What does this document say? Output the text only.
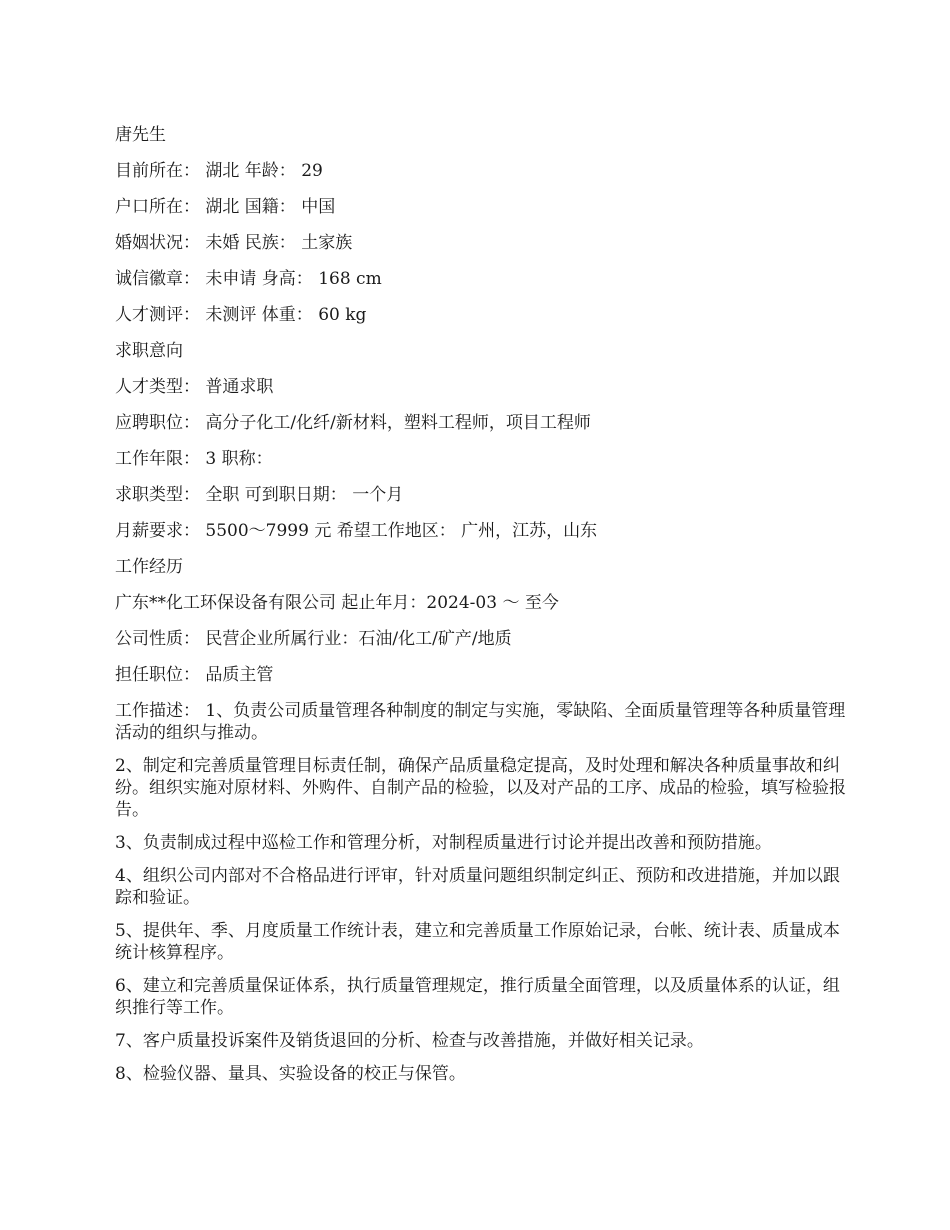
唐先生
目前所在： 湖北 年龄： 29
户口所在： 湖北 国籍： 中国
婚姻状况： 未婚 民族： 土家族
诚信徽章： 未申请 身高： 168 cm
人才测评： 未测评 体重： 60 kg
求职意向
人才类型： 普通求职
应聘职位： 高分子化工/化纤/新材料，塑料工程师，项目工程师
工作年限： 3 职称：
求职类型： 全职 可到职日期： 一个月
月薪要求： 5500～7999 元 希望工作地区： 广州，江苏，山东
工作经历
广东**化工环保设备有限公司 起止年月：2024-03 ～ 至今
公司性质： 民营企业所属行业：石油/化工/矿产/地质
担任职位： 品质主管
工作描述： 1、负责公司质量管理各种制度的制定与实施，零缺陷、全面质量管理等各种质量管理活动的组织与推动。
2、制定和完善质量管理目标责任制，确保产品质量稳定提高，及时处理和解决各种质量事故和纠纷。组织实施对原材料、外购件、自制产品的检验，以及对产品的工序、成品的检验，填写检验报告。
3、负责制成过程中巡检工作和管理分析，对制程质量进行讨论并提出改善和预防措施。
4、组织公司内部对不合格品进行评审，针对质量问题组织制定纠正、预防和改进措施，并加以跟踪和验证。
5、提供年、季、月度质量工作统计表，建立和完善质量工作原始记录，台帐、统计表、质量成本统计核算程序。
6、建立和完善质量保证体系，执行质量管理规定，推行质量全面管理，以及质量体系的认证，组织推行等工作。
7、客户质量投诉案件及销货退回的分析、检查与改善措施，并做好相关记录。
8、检验仪器、量具、实验设备的校正与保管。
